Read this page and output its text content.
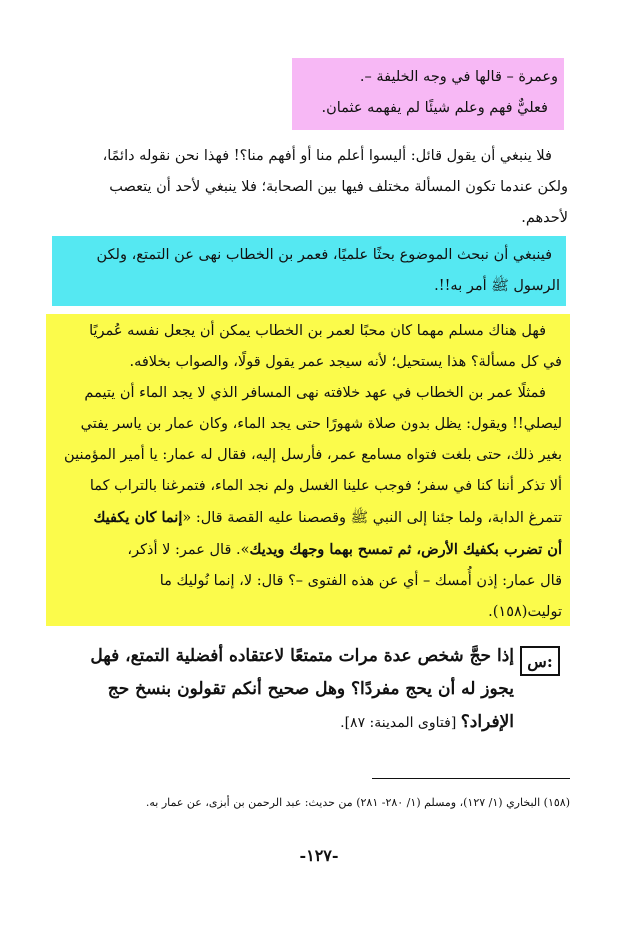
وعمرة – قالها في وجه الخليفة –.
فعليٌّ فهم وعلم شيئًا لم يفهمه عثمان.
فلا ينبغي أن يقول قائل: أليسوا أعلم منا أو أفهم منا؟! فهذا نحن نقوله دائمًا،
ولكن عندما تكون المسألة مختلف فيها بين الصحابة؛ فلا ينبغي لأحد أن يتعصب
لأحدهم.
فينبغي أن نبحث الموضوع بحثًا علميًا، فعمر بن الخطاب نهى عن التمتع، ولكن
الرسول ﷺ أمر به!!.
فهل هناك مسلم مهما كان محبًا لعمر بن الخطاب يمكن أن يجعل نفسه عُمريًا
في كل مسألة؟ هذا يستحيل؛ لأنه سيجد عمر يقول قولًا، والصواب بخلافه.
فمثلًا عمر بن الخطاب في عهد خلافته نهى المسافر الذي لا يجد الماء أن يتيمم
ليصلي!! ويقول: يظل بدون صلاة شهورًا حتى يجد الماء، وكان عمار بن ياسر يفتي
بغير ذلك، حتى بلغت فتواه مسامع عمر، فأرسل إليه، فقال له عمار: يا أمير المؤمنين
ألا تذكر أننا كنا في سفر؛ فوجب علينا الغسل ولم نجد الماء، فتمرغنا بالتراب كما
تتمرغ الدابة، ولما جئنا إلى النبي ﷺ وقصصنا عليه القصة قال: «إنما كان يكفيك
أن تضرب بكفيك الأرض، ثم تمسح بهما وجهك ويديك». قال عمر: لا أذكر،
قال عمار: إذن أُمسك – أي عن هذه الفتوى –؟ قال: لا، إنما نُوليك ما
توليت(١٥٨).
س:
إذا حجَّ شخص عدة مرات متمتعًا لاعتقاده أفضلية التمتع، فهل
يجوز له أن يحج مفردًا؟ وهل صحيح أنكم تقولون بنسخ حج
الإفراد؟ [فتاوى المدينة: ٨٧].
(١٥٨) البخاري (١/ ١٢٧)، ومسلم (١/ ٢٨٠- ٢٨١) من حديث: عبد الرحمن بن أبزى، عن عمار به.
-١٢٧-
